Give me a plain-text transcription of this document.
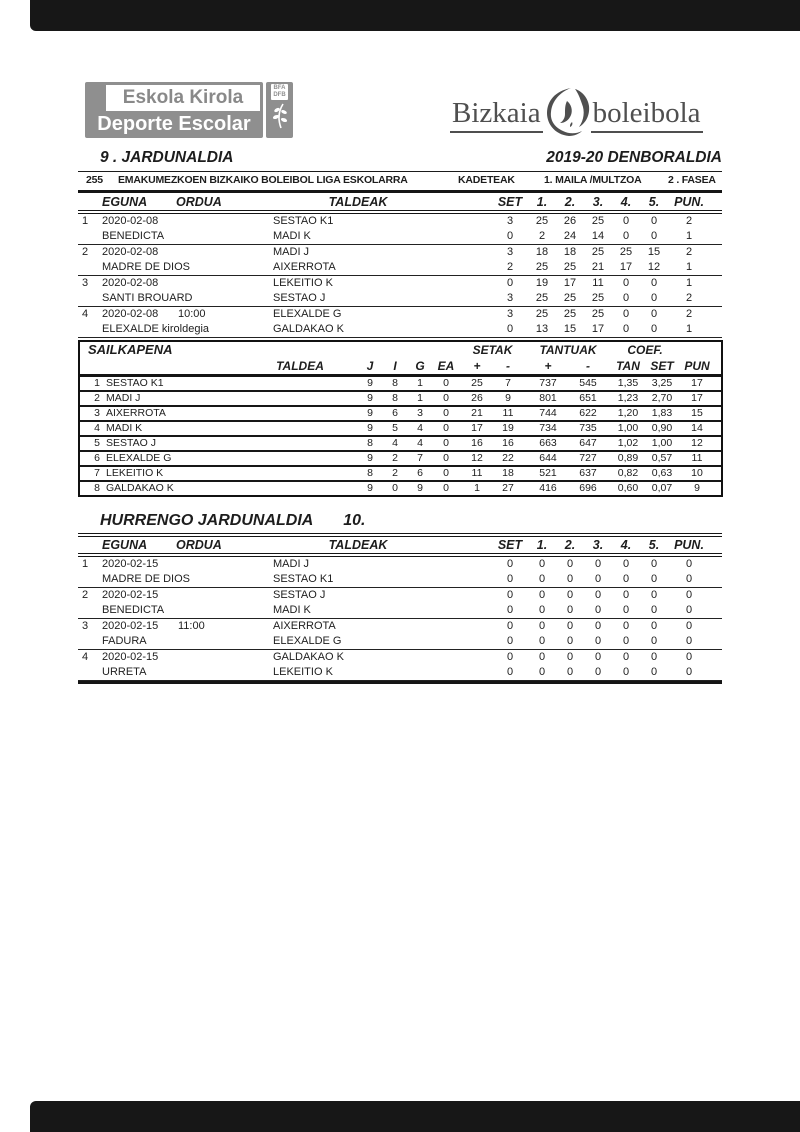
Eskola Kirola
Deporte Escolar
BFA
DFB
Bizkaia boleibola
9 . JARDUNALDIA	2019-20 DENBORALDIA
255 EMAKUMEZKOEN BIZKAIKO BOLEIBOL LIGA ESKOLARRA	KADETEAK	1. MAILA /MULTZOA	2 . FASEA
EGUNA ORDUA	TALDEAK	SET	1.	2.	3.	4.	5.	PUN.
1	2020-02-08	SESTAO K1	3	25	26	25	0	0	2
BENEDICTA	MADI K	0	2	24	14	0	0	1
2	2020-02-08	MADI J	3	18	18	25	25	15	2
MADRE DE DIOS	AIXERROTA	2	25	25	21	17	12	1
3	2020-02-08	LEKEITIO K	0	19	17	11	0	0	1
SANTI BROUARD	SESTAO J	3	25	25	25	0	0	2
4	2020-02-08 10:00	ELEXALDE G	3	25	25	25	0	0	2
ELEXALDE kiroldegia	GALDAKAO K	0	13	15	17	0	0	1
SAILKAPENA	SETAK	TANTUAK	COEF.
TALDEA	J	I	G	EA	+	-	+	-	TAN SET PUN
1 SESTAO K1	9	8	1	0	25	7	737	545	1,35	3,25	17
2 MADI J	9	8	1	0	26	9	801	651	1,23	2,70	17
3 AIXERROTA	9	6	3	0	21	11	744	622	1,20	1,83	15
4 MADI K	9	5	4	0	17	19	734	735	1,00	0,90	14
5 SESTAO J	8	4	4	0	16	16	663	647	1,02	1,00	12
6 ELEXALDE G	9	2	7	0	12	22	644	727	0,89	0,57	11
7 LEKEITIO K	8	2	6	0	11	18	521	637	0,82	0,63	10
8 GALDAKAO K	9	0	9	0	1	27	416	696	0,60	0,07	9
HURRENGO JARDUNALDIA 10.
EGUNA ORDUA	TALDEAK	SET	1.	2.	3.	4.	5.	PUN.
1	2020-02-15	MADI J	0	0	0	0	0	0	0
MADRE DE DIOS	SESTAO K1	0	0	0	0	0	0	0
2	2020-02-15	SESTAO J	0	0	0	0	0	0	0
BENEDICTA	MADI K	0	0	0	0	0	0	0
3	2020-02-15 11:00	AIXERROTA	0	0	0	0	0	0	0
FADURA	ELEXALDE G	0	0	0	0	0	0	0
4	2020-02-15	GALDAKAO K	0	0	0	0	0	0	0
URRETA	LEKEITIO K	0	0	0	0	0	0	0
